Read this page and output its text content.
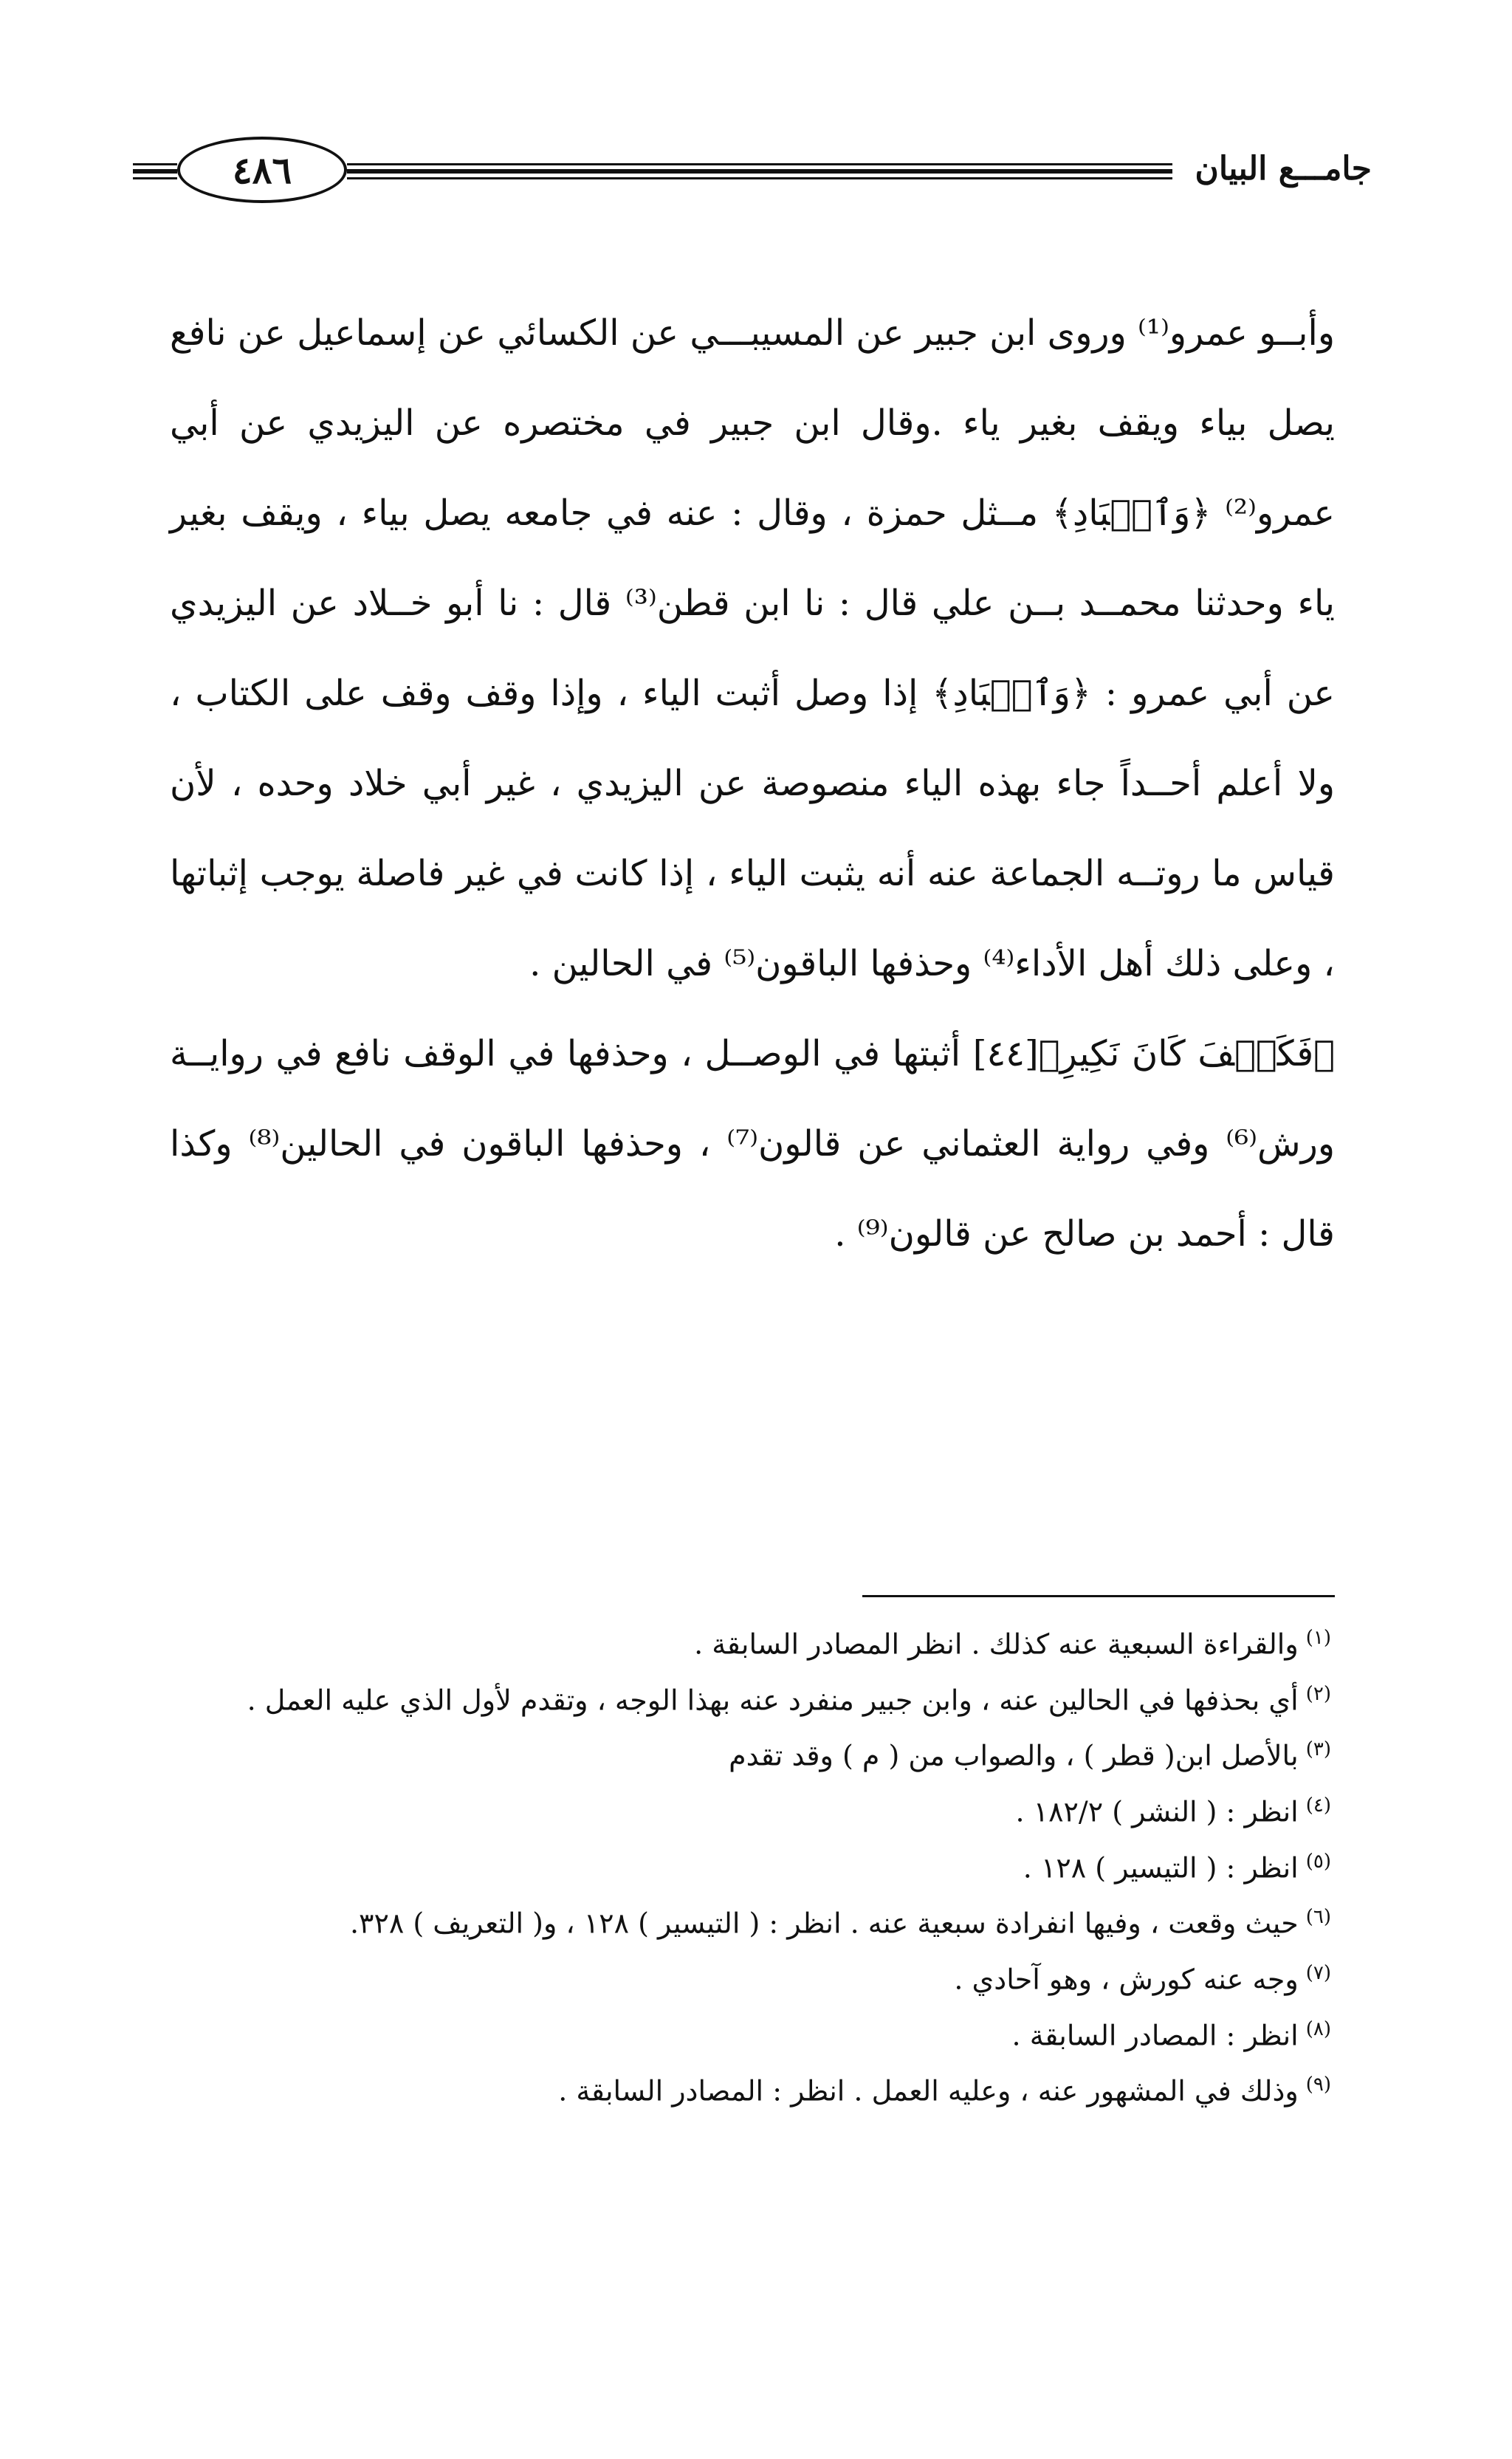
جامـــع البيان
٤٨٦

وأبــو عمرو⁽¹⁾ وروى ابن جبير عن المسيبـــي عن الكسائي عن إسماعيل عن نافع يصل بياء ويقف بغير ياء .وقال ابن جبير في مختصره عن اليزيدي عن أبي عمرو⁽²⁾ ﴿وَٱلۡبَادِ﴾ مــثل حمزة ، وقال : عنه في جامعه يصل بياء ، ويقف بغير ياء وحدثنا محمــد بــن علي قال : نا ابن قطن⁽³⁾ قال : نا أبو خــلاد عن اليزيدي عن أبي عمرو : ﴿وَٱلۡبَادِ﴾ إذا وصل أثبت الياء ، وإذا وقف وقف على الكتاب ، ولا أعلم أحــداً جاء بهذه الياء منصوصة عن اليزيدي ، غير أبي خلاد وحده ، لأن قياس ما روتــه الجماعة عنه أنه يثبت الياء ، إذا كانت في غير فاصلة يوجب إثباتها ، وعلى ذلك أهل الأداء⁽⁴⁾ وحذفها الباقون⁽⁵⁾ في الحالين .

﴿فَكَيۡفَ كَانَ نَكِيرِ﴾[٤٤] أثبتها في الوصــل ، وحذفها في الوقف نافع في روايــة ورش⁽⁶⁾ وفي رواية العثماني عن قالون⁽⁷⁾ ، وحذفها الباقون في الحالين⁽⁸⁾ وكذا قال : أحمد بن صالح عن قالون⁽⁹⁾ .

$^{(١)}$والقراءة السبعية عنه كذلك . انظر المصادر السابقة .
$^{(٢)}$أي بحذفها في الحالين عنه ، وابن جبير منفرد عنه بهذا الوجه ، وتقدم لأول الذي عليه العمل .
$^{(٣)}$بالأصل ابن( قطر ) ، والصواب من ( م ) وقد تقدم
$^{(٤)}$انظر : ( النشر ) ١٨٢/٢ .
$^{(٥)}$انظر : ( التيسير ) ١٢٨ .
$^{(٦)}$حيث وقعت ، وفيها انفرادة سبعية عنه . انظر : ( التيسير ) ١٢٨ ، و( التعريف ) ٣٢٨.
$^{(٧)}$وجه عنه كورش ، وهو آحادي .
$^{(٨)}$انظر : المصادر السابقة .
$^{(٩)}$وذلك في المشهور عنه ، وعليه العمل . انظر : المصادر السابقة .
